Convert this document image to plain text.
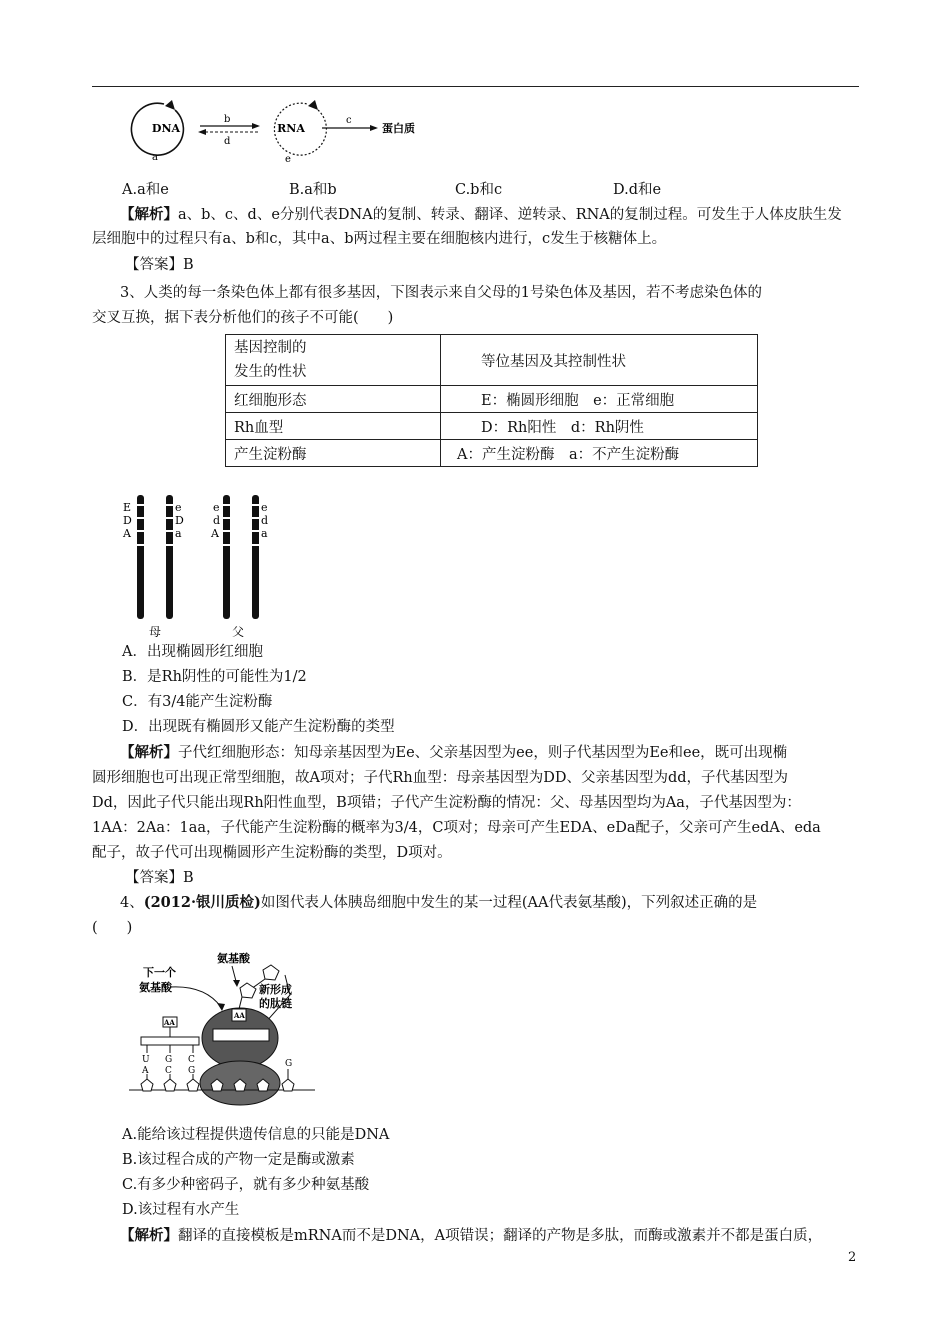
DNA
a
b
d
RNA
e
c
蛋白质
A.a和e	B.a和b	C.b和c	D.d和e
【解析】a、b、c、d、e分别代表DNA的复制、转录、翻译、逆转录、RNA的复制过程。可发生于人体皮肤生发
层细胞中的过程只有a、b和c，其中a、b两过程主要在细胞核内进行，c发生于核糖体上。
【答案】B
3、人类的每一条染色体上都有很多基因，下图表示来自父母的1号染色体及基因，若不考虑染色体的
交叉互换，据下表分析他们的孩子不可能(　　)
基因控制的
发生的性状	等位基因及其控制性状
红细胞形态	E：椭圆形细胞　e：正常细胞
Rh血型	D：Rh阳性　d：Rh阴性
产生淀粉酶	A：产生淀粉酶　a：不产生淀粉酶
E
D
A
e
D
a
母
e
d
A
e
d
a
父
A．出现椭圆形红细胞
B．是Rh阴性的可能性为1/2
C．有3/4能产生淀粉酶
D．出现既有椭圆形又能产生淀粉酶的类型
【解析】子代红细胞形态：知母亲基因型为Ee、父亲基因型为ee，则子代基因型为Ee和ee，既可出现椭
圆形细胞也可出现正常型细胞，故A项对；子代Rh血型：母亲基因型为DD、父亲基因型为dd，子代基因型为
Dd，因此子代只能出现Rh阳性血型，B项错；子代产生淀粉酶的情况：父、母基因型均为Aa，子代基因型为：
1AA：2Aa：1aa，子代能产生淀粉酶的概率为3/4，C项对；母亲可产生EDA、eDa配子，父亲可产生edA、eda
配子，故子代可出现椭圆形产生淀粉酶的类型，D项对。
【答案】B
4、(2012·银川质检)如图代表人体胰岛细胞中发生的某一过程(AA代表氨基酸)，下列叙述正确的是
(　　)
氨基酸
下一个
氨基酸	新形成
的肽链
AA
AA
U G C
A C G
G
A.能给该过程提供遗传信息的只能是DNA
B.该过程合成的产物一定是酶或激素
C.有多少种密码子，就有多少种氨基酸
D.该过程有水产生
【解析】翻译的直接模板是mRNA而不是DNA，A项错误；翻译的产物是多肽，而酶或激素并不都是蛋白质，
2
